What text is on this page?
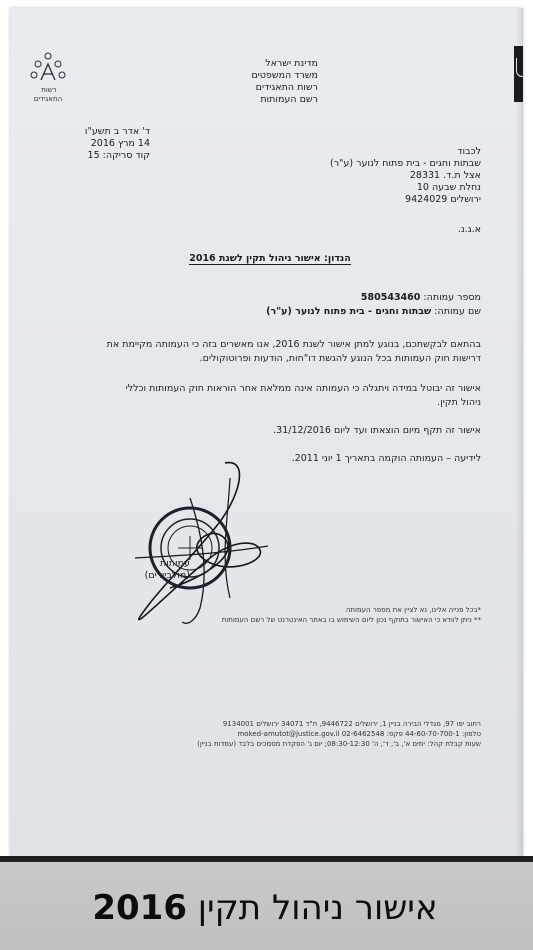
רשות
התאגידים
מדינת ישראל
משרד המשפטים
רשות התאגידים
רשם העמותות
ד' אדר ב תשע"ו
14 מרץ 2016
קוד סריקה: 15	לכבוד
שבתות וחגים - בית פתוח לנוער (ע"ר)
אצל ת.ד. 28331
נחלת שבעה 10
ירושלים 9424029
א.ג.נ.
הנדון: אישור ניהול תקין לשנת 2016
מספר עמותה: 580543460
שם עמותה: שבתות וחגים - בית פתוח לנוער (ע"ר)
בהתאם לבקשתכם, בנוגע למתן אישור לשנת 2016, אנו מאשרים בזה כי העמותה מקיימת את
דרישות חוק העמותות בכל הנוגע להגשת דו"חות, הודעות ופרוטוקולים.
אישור זה יבוטל במידה ויתגלה כי העמותה אינה ממלאת אחר הוראות חוק העמותות וכללי
ניהול תקין.
אישור זה תקף מיום הוצאתו ועד ליום 31/12/2016.
לידיעה – העמותה הוקמה בתאריך 1 יוני 2011.
עמותות
(מולביירים)
*בכל פנייה אלינו, נא לציין את מספר העמותה
** ניתן לוודא כי האישור בתוקף נכון ליום השימוש בו באתר האינטרנט של רשם העמותות
רחוב יפו 97, מגדלי הבירה בניין 1, ירושלים 9446722, ת"ד 34071 ירושלים 9134001
טלפון: 44-60-70-700-1 פקס: 02-6462548 moked-amutot@justice.gov.il
שעות קבלת קהל: ימים א', ב', ד', ה' 08:30-12:30; יום ג' הפקדת מסמכים בלבד (עמדות בניין)
אישור ניהול תקין 2016
